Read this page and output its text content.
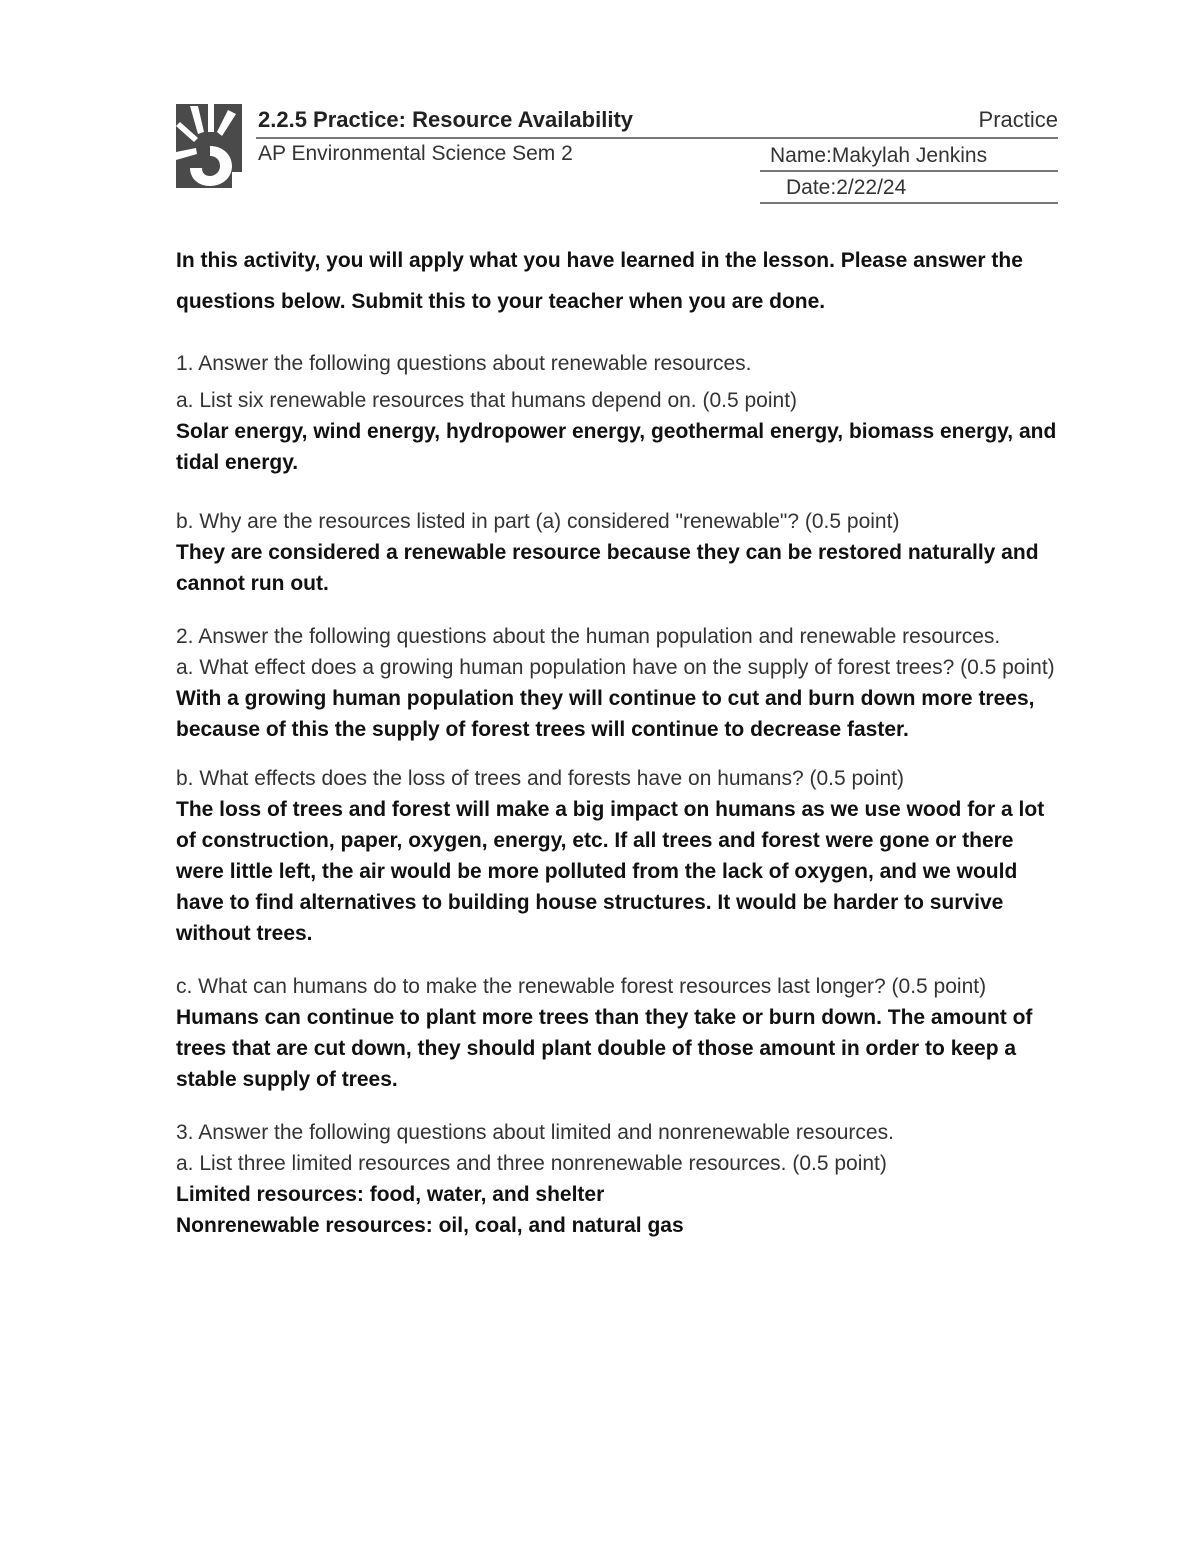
2.2.5 Practice: Resource Availability	Practice
AP Environmental Science Sem 2	Name:Makylah Jenkins
Date:2/22/24

In this activity, you will apply what you have learned in the lesson. Please answer the questions below. Submit this to your teacher when you are done.

1. Answer the following questions about renewable resources.

a. List six renewable resources that humans depend on. (0.5 point)

Solar energy, wind energy, hydropower energy, geothermal energy, biomass energy, and tidal energy.

b. Why are the resources listed in part (a) considered "renewable"? (0.5 point)

They are considered a renewable resource because they can be restored naturally and cannot run out.

2. Answer the following questions about the human population and renewable resources.

a. What effect does a growing human population have on the supply of forest trees? (0.5 point)

With a growing human population they will continue to cut and burn down more trees, because of this the supply of forest trees will continue to decrease faster.

b. What effects does the loss of trees and forests have on humans? (0.5 point)

The loss of trees and forest will make a big impact on humans as we use wood for a lot of construction, paper, oxygen, energy, etc. If all trees and forest were gone or there were little left, the air would be more polluted from the lack of oxygen, and we would have to find alternatives to building house structures. It would be harder to survive without trees.

c. What can humans do to make the renewable forest resources last longer? (0.5 point)

Humans can continue to plant more trees than they take or burn down. The amount of trees that are cut down, they should plant double of those amount in order to keep a stable supply of trees.

3. Answer the following questions about limited and nonrenewable resources.

a. List three limited resources and three nonrenewable resources. (0.5 point)

Limited resources: food, water, and shelter

Nonrenewable resources: oil, coal, and natural gas
